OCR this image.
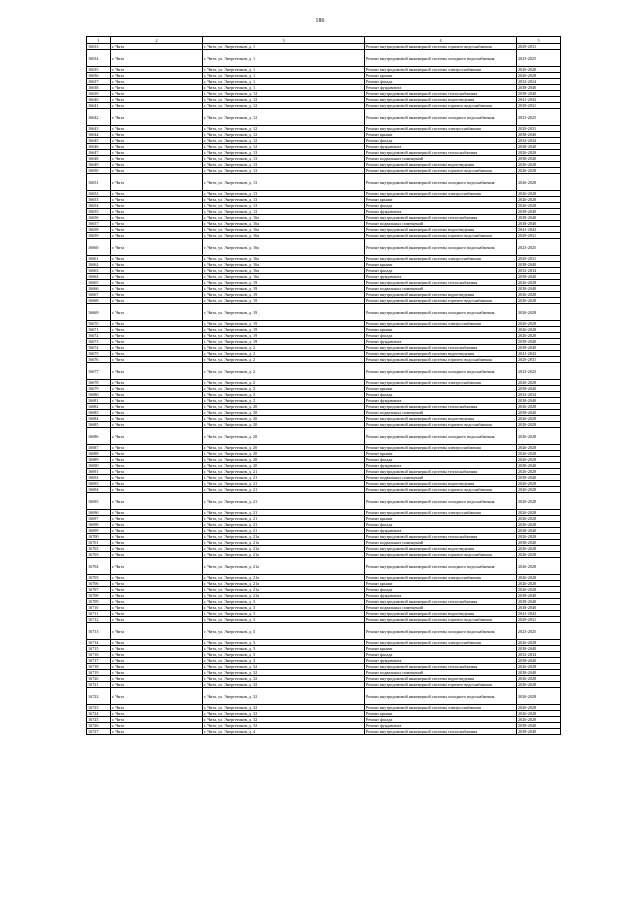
186
1	2	3	4	5
16633	г. Чита	г. Чита, ул. Энергетиков, д. 1	Ремонт внутридомовой инженерной системы горячего водоснабжения	2029-2031
16634	г. Чита	г. Чита, ул. Энергетиков, д. 1	Ремонт внутридомовой инженерной системы холодного водоснабжения	2023-2025
16635	г. Чита	г. Чита, ул. Энергетиков, д. 1	Ремонт внутридомовой инженерной системы электроснабжения	2026-2028
16636	г. Чита	г. Чита, ул. Энергетиков, д. 1	Ремонт крыши	2026-2028
16637	г. Чита	г. Чита, ул. Энергетиков, д. 1	Ремонт фасада	2032-2034
16638	г. Чита	г. Чита, ул. Энергетиков, д. 1	Ремонт фундамента	2038-2040
16639	г. Чита	г. Чита, ул. Энергетиков, д. 12	Ремонт внутридомовой инженерной системы теплоснабжения	2038-2040
16640	г. Чита	г. Чита, ул. Энергетиков, д. 12	Ремонт внутридомовой инженерной системы водоотведения	2041-2043
16641	г. Чита	г. Чита, ул. Энергетиков, д. 12	Ремонт внутридомовой инженерной системы горячего водоснабжения	2029-2031
16642	г. Чита	г. Чита, ул. Энергетиков, д. 12	Ремонт внутридомовой инженерной системы холодного водоснабжения	2023-2025
16643	г. Чита	г. Чита, ул. Энергетиков, д. 12	Ремонт внутридомовой инженерной системы электроснабжения	2029-2031
16644	г. Чита	г. Чита, ул. Энергетиков, д. 12	Ремонт крыши	2038-2040
16645	г. Чита	г. Чита, ул. Энергетиков, д. 12	Ремонт фасада	2032-2034
16646	г. Чита	г. Чита, ул. Энергетиков, д. 12	Ремонт фундамента	2038-2040
16647	г. Чита	г. Чита, ул. Энергетиков, д. 13	Ремонт внутридомовой инженерной системы теплоснабжения	2026-2028
16648	г. Чита	г. Чита, ул. Энергетиков, д. 13	Ремонт подвальных помещений	2038-2040
16649	г. Чита	г. Чита, ул. Энергетиков, д. 13	Ремонт внутридомовой инженерной системы водоотведения	2026-2028
16650	г. Чита	г. Чита, ул. Энергетиков, д. 13	Ремонт внутридомовой инженерной системы горячего водоснабжения	2026-2028
16651	г. Чита	г. Чита, ул. Энергетиков, д. 13	Ремонт внутридомовой инженерной системы холодного водоснабжения	2026-2028
16652	г. Чита	г. Чита, ул. Энергетиков, д. 13	Ремонт внутридомовой инженерной системы электроснабжения	2026-2028
16653	г. Чита	г. Чита, ул. Энергетиков, д. 13	Ремонт крыши	2026-2028
16654	г. Чита	г. Чита, ул. Энергетиков, д. 13	Ремонт фасада	2026-2028
16655	г. Чита	г. Чита, ул. Энергетиков, д. 13	Ремонт фундамента	2038-2040
16656	г. Чита	г. Чита, ул. Энергетиков, д. 16а	Ремонт внутридомовой инженерной системы теплоснабжения	2038-2040
16657	г. Чита	г. Чита, ул. Энергетиков, д. 16а	Ремонт подвальных помещений	2038-2040
16658	г. Чита	г. Чита, ул. Энергетиков, д. 16а	Ремонт внутридомовой инженерной системы водоотведения	2041-2043
16659	г. Чита	г. Чита, ул. Энергетиков, д. 16а	Ремонт внутридомовой инженерной системы горячего водоснабжения	2029-2031
16660	г. Чита	г. Чита, ул. Энергетиков, д. 16а	Ремонт внутридомовой инженерной системы холодного водоснабжения	2023-2025
16661	г. Чита	г. Чита, ул. Энергетиков, д. 16а	Ремонт внутридомовой инженерной системы электроснабжения	2029-2031
16662	г. Чита	г. Чита, ул. Энергетиков, д. 16а	Ремонт крыши	2038-2040
16663	г. Чита	г. Чита, ул. Энергетиков, д. 16а	Ремонт фасада	2032-2034
16664	г. Чита	г. Чита, ул. Энергетиков, д. 16а	Ремонт фундамента	2038-2040
16665	г. Чита	г. Чита, ул. Энергетиков, д. 19	Ремонт внутридомовой инженерной системы теплоснабжения	2026-2028
16666	г. Чита	г. Чита, ул. Энергетиков, д. 19	Ремонт подвальных помещений	2038-2040
16667	г. Чита	г. Чита, ул. Энергетиков, д. 19	Ремонт внутридомовой инженерной системы водоотведения	2026-2028
16668	г. Чита	г. Чита, ул. Энергетиков, д. 19	Ремонт внутридомовой инженерной системы горячего водоснабжения	2026-2028
16669	г. Чита	г. Чита, ул. Энергетиков, д. 19	Ремонт внутридомовой инженерной системы холодного водоснабжения	2026-2028
16670	г. Чита	г. Чита, ул. Энергетиков, д. 19	Ремонт внутридомовой инженерной системы электроснабжения	2026-2028
16671	г. Чита	г. Чита, ул. Энергетиков, д. 19	Ремонт крыши	2026-2028
16672	г. Чита	г. Чита, ул. Энергетиков, д. 19	Ремонт фасада	2026-2028
16673	г. Чита	г. Чита, ул. Энергетиков, д. 19	Ремонт фундамента	2038-2040
16674	г. Чита	г. Чита, ул. Энергетиков, д. 2	Ремонт внутридомовой инженерной системы теплоснабжения	2038-2040
16675	г. Чита	г. Чита, ул. Энергетиков, д. 2	Ремонт внутридомовой инженерной системы водоотведения	2041-2043
16676	г. Чита	г. Чита, ул. Энергетиков, д. 2	Ремонт внутридомовой инженерной системы горячего водоснабжения	2029-2031
16677	г. Чита	г. Чита, ул. Энергетиков, д. 2	Ремонт внутридомовой инженерной системы холодного водоснабжения	2023-2025
16678	г. Чита	г. Чита, ул. Энергетиков, д. 2	Ремонт внутридомовой инженерной системы электроснабжения	2026-2028
16679	г. Чита	г. Чита, ул. Энергетиков, д. 2	Ремонт крыши	2038-2040
16680	г. Чита	г. Чита, ул. Энергетиков, д. 2	Ремонт фасада	2032-2034
16681	г. Чита	г. Чита, ул. Энергетиков, д. 2	Ремонт фундамента	2038-2040
16682	г. Чита	г. Чита, ул. Энергетиков, д. 20	Ремонт внутридомовой инженерной системы теплоснабжения	2026-2028
16683	г. Чита	г. Чита, ул. Энергетиков, д. 20	Ремонт подвальных помещений	2038-2040
16684	г. Чита	г. Чита, ул. Энергетиков, д. 20	Ремонт внутридомовой инженерной системы водоотведения	2026-2028
16685	г. Чита	г. Чита, ул. Энергетиков, д. 20	Ремонт внутридомовой инженерной системы горячего водоснабжения	2026-2028
16686	г. Чита	г. Чита, ул. Энергетиков, д. 20	Ремонт внутридомовой инженерной системы холодного водоснабжения	2026-2028
16687	г. Чита	г. Чита, ул. Энергетиков, д. 20	Ремонт внутридомовой инженерной системы электроснабжения	2026-2028
16688	г. Чита	г. Чита, ул. Энергетиков, д. 20	Ремонт крыши	2026-2028
16689	г. Чита	г. Чита, ул. Энергетиков, д. 20	Ремонт фасада	2026-2028
16690	г. Чита	г. Чита, ул. Энергетиков, д. 20	Ремонт фундамента	2038-2040
16691	г. Чита	г. Чита, ул. Энергетиков, д. 21	Ремонт внутридомовой инженерной системы теплоснабжения	2026-2028
16692	г. Чита	г. Чита, ул. Энергетиков, д. 21	Ремонт подвальных помещений	2038-2040
16693	г. Чита	г. Чита, ул. Энергетиков, д. 21	Ремонт внутридомовой инженерной системы водоотведения	2026-2028
16694	г. Чита	г. Чита, ул. Энергетиков, д. 21	Ремонт внутридомовой инженерной системы горячего водоснабжения	2026-2028
16695	г. Чита	г. Чита, ул. Энергетиков, д. 21	Ремонт внутридомовой инженерной системы холодного водоснабжения	2026-2028
16696	г. Чита	г. Чита, ул. Энергетиков, д. 21	Ремонт внутридомовой инженерной системы электроснабжения	2026-2028
16697	г. Чита	г. Чита, ул. Энергетиков, д. 21	Ремонт крыши	2026-2028
16698	г. Чита	г. Чита, ул. Энергетиков, д. 21	Ремонт фасада	2026-2028
16699	г. Чита	г. Чита, ул. Энергетиков, д. 21	Ремонт фундамента	2038-2040
16700	г. Чита	г. Чита, ул. Энергетиков, д. 21а	Ремонт внутридомовой инженерной системы теплоснабжения	2026-2028
16701	г. Чита	г. Чита, ул. Энергетиков, д. 21а	Ремонт подвальных помещений	2038-2040
16702	г. Чита	г. Чита, ул. Энергетиков, д. 21а	Ремонт внутридомовой инженерной системы водоотведения	2026-2028
16703	г. Чита	г. Чита, ул. Энергетиков, д. 21а	Ремонт внутридомовой инженерной системы горячего водоснабжения	2026-2028
16704	г. Чита	г. Чита, ул. Энергетиков, д. 21а	Ремонт внутридомовой инженерной системы холодного водоснабжения	2026-2028
16705	г. Чита	г. Чита, ул. Энергетиков, д. 21а	Ремонт внутридомовой инженерной системы электроснабжения	2026-2028
16706	г. Чита	г. Чита, ул. Энергетиков, д. 21а	Ремонт крыши	2026-2028
16707	г. Чита	г. Чита, ул. Энергетиков, д. 21а	Ремонт фасада	2026-2028
16708	г. Чита	г. Чита, ул. Энергетиков, д. 21а	Ремонт фундамента	2038-2040
16709	г. Чита	г. Чита, ул. Энергетиков, д. 3	Ремонт внутридомовой инженерной системы теплоснабжения	2038-2040
16710	г. Чита	г. Чита, ул. Энергетиков, д. 3	Ремонт подвальных помещений	2038-2040
16711	г. Чита	г. Чита, ул. Энергетиков, д. 3	Ремонт внутридомовой инженерной системы водоотведения	2041-2043
16712	г. Чита	г. Чита, ул. Энергетиков, д. 3	Ремонт внутридомовой инженерной системы горячего водоснабжения	2029-2031
16713	г. Чита	г. Чита, ул. Энергетиков, д. 3	Ремонт внутридомовой инженерной системы холодного водоснабжения	2023-2025
16714	г. Чита	г. Чита, ул. Энергетиков, д. 3	Ремонт внутридомовой инженерной системы электроснабжения	2026-2028
16715	г. Чита	г. Чита, ул. Энергетиков, д. 3	Ремонт крыши	2038-2040
16716	г. Чита	г. Чита, ул. Энергетиков, д. 3	Ремонт фасада	2032-2034
16717	г. Чита	г. Чита, ул. Энергетиков, д. 3	Ремонт фундамента	2038-2040
16718	г. Чита	г. Чита, ул. Энергетиков, д. 32	Ремонт внутридомовой инженерной системы теплоснабжения	2026-2028
16719	г. Чита	г. Чита, ул. Энергетиков, д. 32	Ремонт подвальных помещений	2038-2040
16720	г. Чита	г. Чита, ул. Энергетиков, д. 32	Ремонт внутридомовой инженерной системы водоотведения	2026-2028
16721	г. Чита	г. Чита, ул. Энергетиков, д. 32	Ремонт внутридомовой инженерной системы горячего водоснабжения	2026-2028
16722	г. Чита	г. Чита, ул. Энергетиков, д. 32	Ремонт внутридомовой инженерной системы холодного водоснабжения	2026-2028
16723	г. Чита	г. Чита, ул. Энергетиков, д. 32	Ремонт внутридомовой инженерной системы электроснабжения	2026-2028
16724	г. Чита	г. Чита, ул. Энергетиков, д. 32	Ремонт крыши	2026-2028
16725	г. Чита	г. Чита, ул. Энергетиков, д. 32	Ремонт фасада	2026-2028
16726	г. Чита	г. Чита, ул. Энергетиков, д. 32	Ремонт фундамента	2038-2040
16727	г. Чита	г. Чита, ул. Энергетиков, д. 4	Ремонт внутридомовой инженерной системы теплоснабжения	2038-2040
